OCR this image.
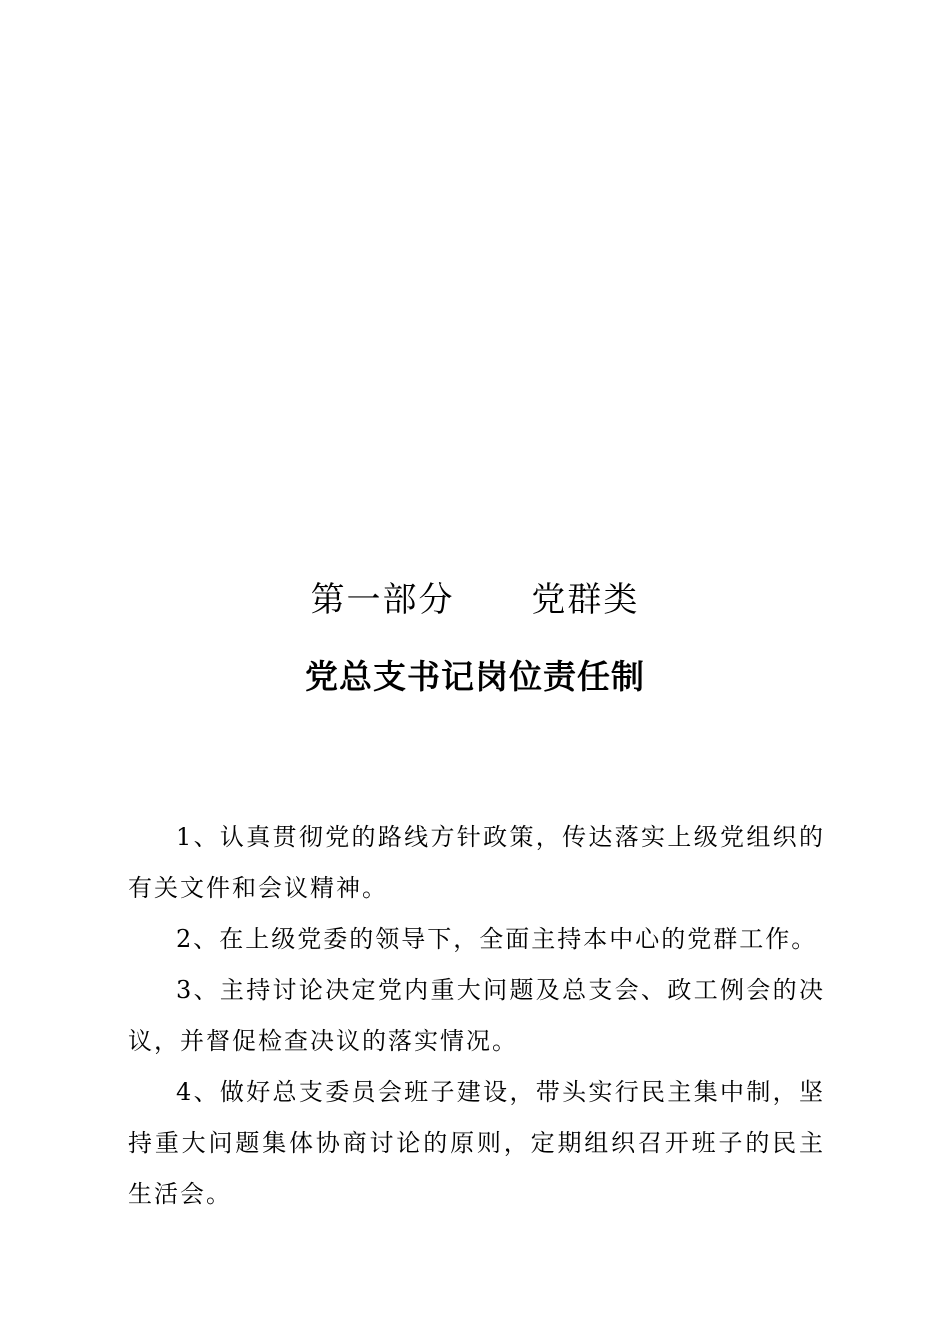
第一部分      党群类
党总支书记岗位责任制

1、认真贯彻党的路线方针政策，传达落实上级党组织的有关文件和会议精神。

2、在上级党委的领导下，全面主持本中心的党群工作。

3、主持讨论决定党内重大问题及总支会、政工例会的决议，并督促检查决议的落实情况。

4、做好总支委员会班子建设，带头实行民主集中制，坚持重大问题集体协商讨论的原则，定期组织召开班子的民主生活会。
